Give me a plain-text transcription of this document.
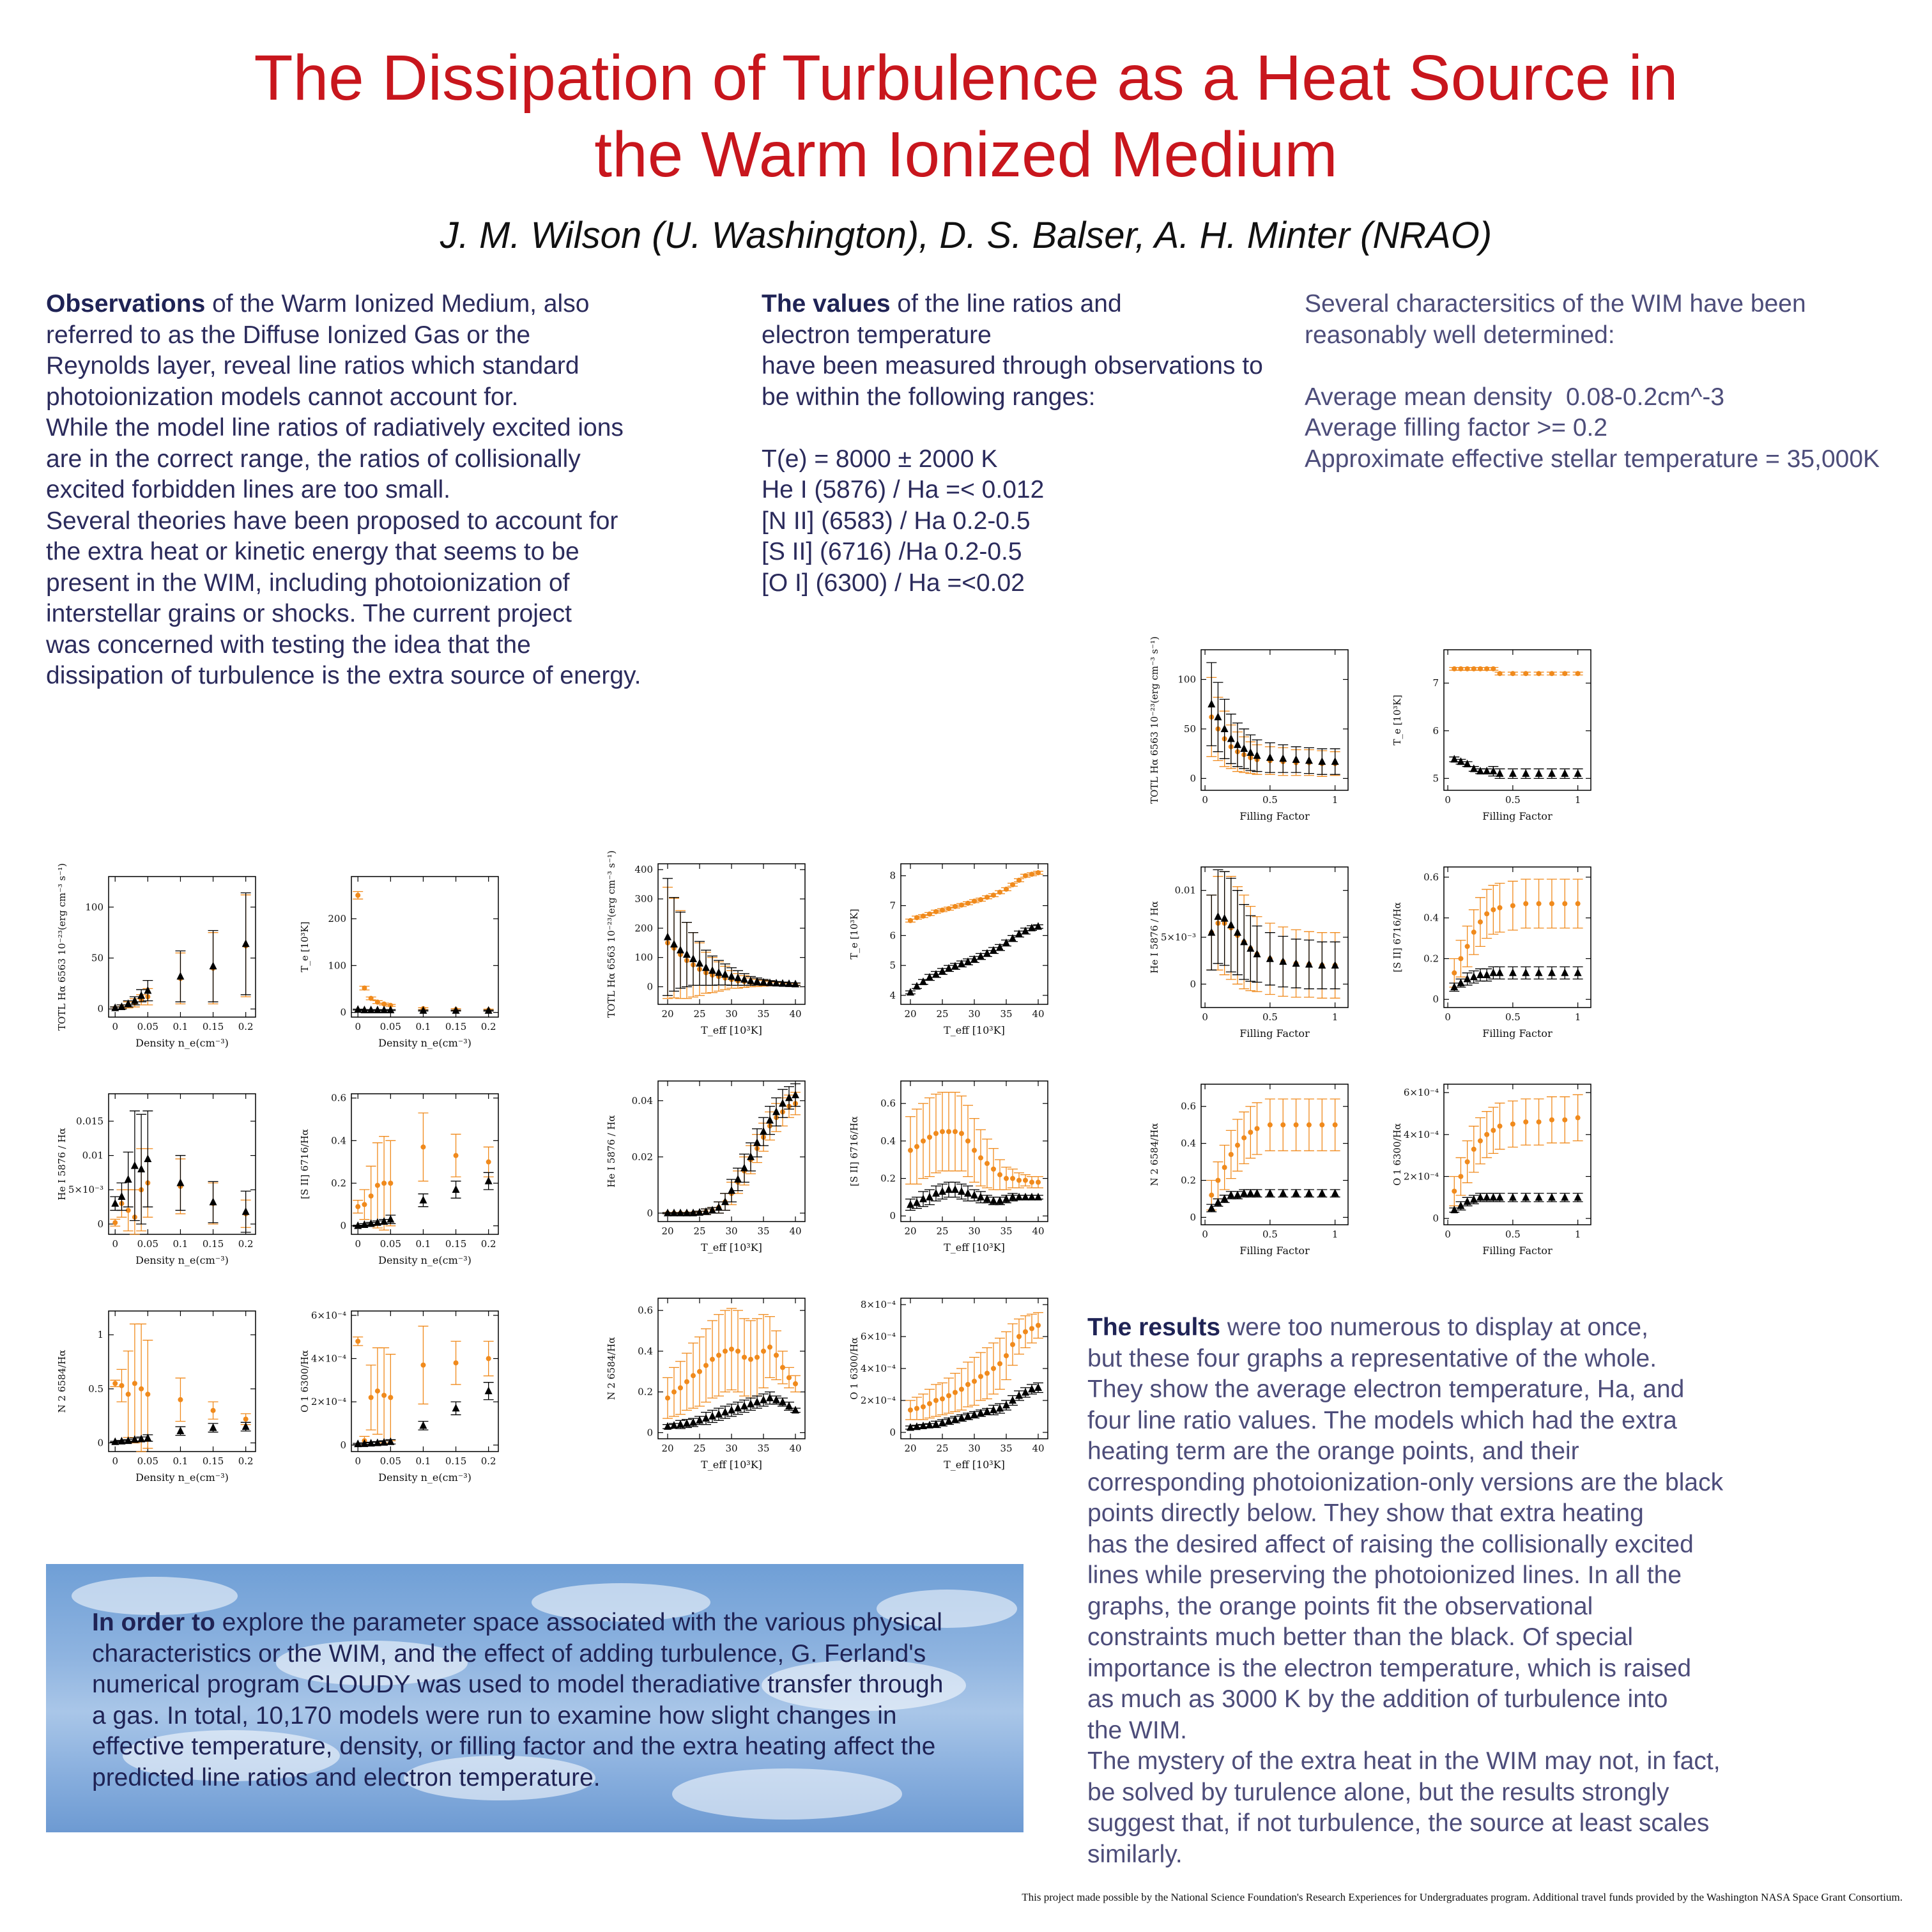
The Dissipation of Turbulence as a Heat Source in
the Warm Ionized Medium
J. M. Wilson (U. Washington), D. S. Balser, A. H. Minter (NRAO)
Observations of the Warm Ionized Medium, also
referred to as the Diffuse Ionized Gas or the
Reynolds layer, reveal line ratios which standard
photoionization models cannot account for.
While the model line ratios of radiatively excited ions
are in the correct range, the ratios of collisionally
excited forbidden lines are too small.
Several theories have been proposed to account for
the extra heat or kinetic energy that seems to be
present in the WIM, including photoionization of
interstellar grains or shocks. The current project
was concerned with testing the idea that the
dissipation of turbulence is the extra source of energy.
The values of the line ratios and
electron temperature
have been measured through observations to
be within the following ranges:

T(e) = 8000 ± 2000 K
He I (5876) / Ha =< 0.012
[N II] (6583) / Ha 0.2-0.5
[S II] (6716) /Ha 0.2-0.5
[O I] (6300) / Ha =<0.02
Several charactersitics of the WIM have been
reasonably well determined:

Average mean density  0.08-0.2cm^-3
Average filling factor >= 0.2
Approximate effective stellar temperature = 35,000K
0 0.05 0.1 0.15 0.2
0
50
100
Density n_e(cm⁻³)
TOTL Hα 6563 10⁻²³(erg cm⁻³ s⁻¹)	0 0.05 0.1 0.15 0.2
0
100
200
Density n_e(cm⁻³)
T_e [10³K]
0 0.05 0.1 0.15 0.2
0
5×10⁻³
0.01
0.015
Density n_e(cm⁻³)
He I 5876 / Hα
0 0.05 0.1 0.15 0.2
0
0.2
0.4
0.6
Density n_e(cm⁻³)
[S II] 6716/Hα
0 0.05 0.1 0.15 0.2
0
0.5
1
Density n_e(cm⁻³)
N 2 6584/Hα
0 0.05 0.1 0.15 0.2
0
2×10⁻⁴
4×10⁻⁴
6×10⁻⁴
Density n_e(cm⁻³)
O 1 6300/Hα
20 25 30 35 40
0
100
200
300
400
T_eff [10³K]
TOTL Hα 6563 10⁻²³(erg cm⁻³ s⁻¹)	20 25 30 35 40
4
5
6
7
8
T_eff [10³K]
T_e [10³K]
20 25 30 35 40
0
0.02
0.04
T_eff [10³K]
He I 5876 / Hα
20 25 30 35 40
0
0.2
0.4
0.6
T_eff [10³K]
[S II] 6716/Hα
20 25 30 35 40
0
0.2
0.4
0.6
T_eff [10³K]
N 2 6584/Hα
20 25 30 35 40
0
2×10⁻⁴
4×10⁻⁴
6×10⁻⁴
8×10⁻⁴
T_eff [10³K]
O 1 6300/Hα
0	0.5	1
0
50
100
Filling Factor
TOTL Hα 6563 10⁻²³(erg cm⁻³ s⁻¹)	0	0.5	1
5
6
7
Filling Factor
T_e [10³K]
0	0.5	1
0
5×10⁻³
0.01
Filling Factor
He I 5876 / Hα
0	0.5	1
0
0.2
0.4
0.6
Filling Factor
[S II] 6716/Hα
0	0.5	1
0
0.2
0.4
0.6
Filling Factor
N 2 6584/Hα
0	0.5	1
0
2×10⁻⁴
4×10⁻⁴
6×10⁻⁴
Filling Factor
O 1 6300/Hα
The results were too numerous to display at once,
but these four graphs a representative of the whole.
They show the average electron temperature, Ha, and
four line ratio values. The models which had the extra
heating term are the orange points, and their
corresponding photoionization-only versions are the black
points directly below. They show that extra heating
has the desired affect of raising the collisionally excited
lines while preserving the photoionized lines. In all the
graphs, the orange points fit the observational
constraints much better than the black. Of special
importance is the electron temperature, which is raised
as much as 3000 K by the addition of turbulence into
the WIM.
The mystery of the extra heat in the WIM may not, in fact,
be solved by turulence alone, but the results strongly
suggest that, if not turbulence, the source at least scales
similarly.
In order to explore the parameter space associated with the various physical
characteristics or the WIM, and the effect of adding turbulence, G. Ferland's
numerical program CLOUDY was used to model theradiative transfer through
a gas. In total, 10,170 models were run to examine how slight changes in
effective temperature, density, or filling factor and the extra heating affect the
predicted line ratios and electron temperature.
This project made possible by the National Science Foundation's Research Experiences for Undergraduates program. Additional travel funds provided by the Washington NASA Space Grant Consortium.
